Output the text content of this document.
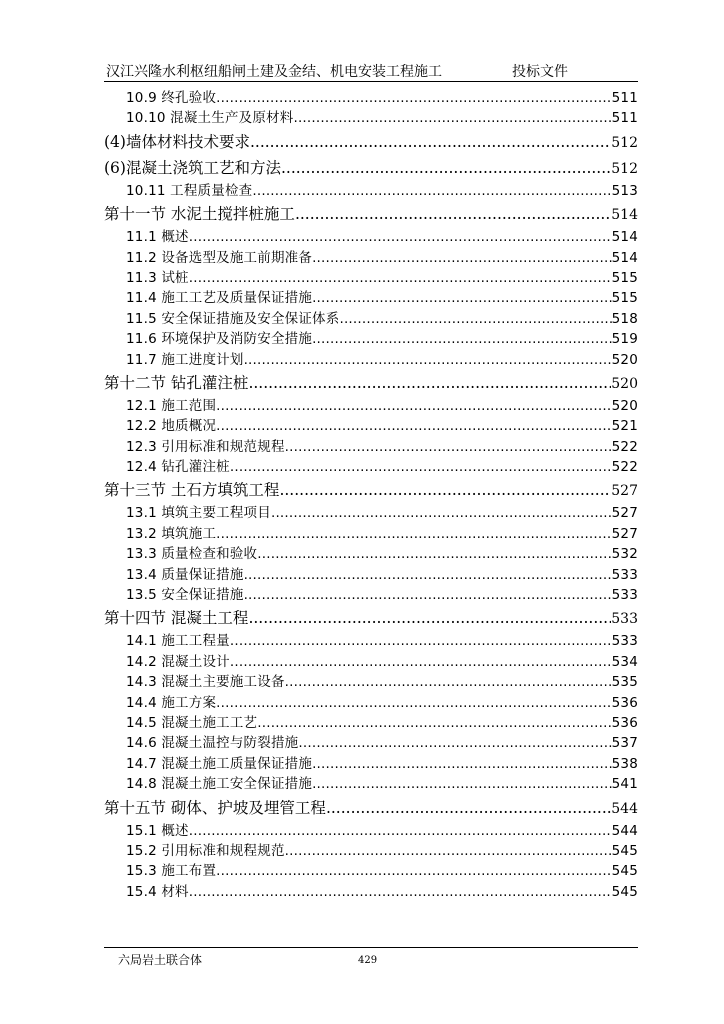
汉江兴隆水利枢纽船闸土建及金结、机电安装工程施工	投标文件
10.9 终孔验收 .....	511
10.10 混凝土生产及原材料 .....	511
(4)墙体材料技术要求 .....	512
(6)混凝土浇筑工艺和方法 .....	512
10.11 工程质量检查 .....	513
第十一节 水泥土搅拌桩施工 .....	514
11.1 概述 .....	514
11.2 设备选型及施工前期准备 .....	514
11.3 试桩 .....	515
11.4 施工工艺及质量保证措施 .....	515
11.5 安全保证措施及安全保证体系 .....	518
11.6 环境保护及消防安全措施 .....	519
11.7 施工进度计划 .....	520
第十二节 钻孔灌注桩 .....	520
12.1 施工范围 .....	520
12.2 地质概况 .....	521
12.3 引用标准和规范规程 .....	522
12.4 钻孔灌注桩 .....	522
第十三节 土石方填筑工程 .....	527
13.1 填筑主要工程项目 .....	527
13.2 填筑施工 .....	527
13.3 质量检查和验收 .....	532
13.4 质量保证措施 .....	533
13.5 安全保证措施 .....	533
第十四节 混凝土工程 .....	533
14.1 施工工程量 .....	533
14.2 混凝土设计 .....	534
14.3 混凝土主要施工设备 .....	535
14.4 施工方案 .....	536
14.5 混凝土施工工艺 .....	536
14.6 混凝土温控与防裂措施 .....	537
14.7 混凝土施工质量保证措施 .....	538
14.8 混凝土施工安全保证措施 .....	541
第十五节 砌体、护坡及埋管工程 .....	544
15.1 概述 .....	544
15.2 引用标准和规程规范 .....	545
15.3 施工布置 .....	545
15.4 材料 .....	545
六局岩土联合体	429
